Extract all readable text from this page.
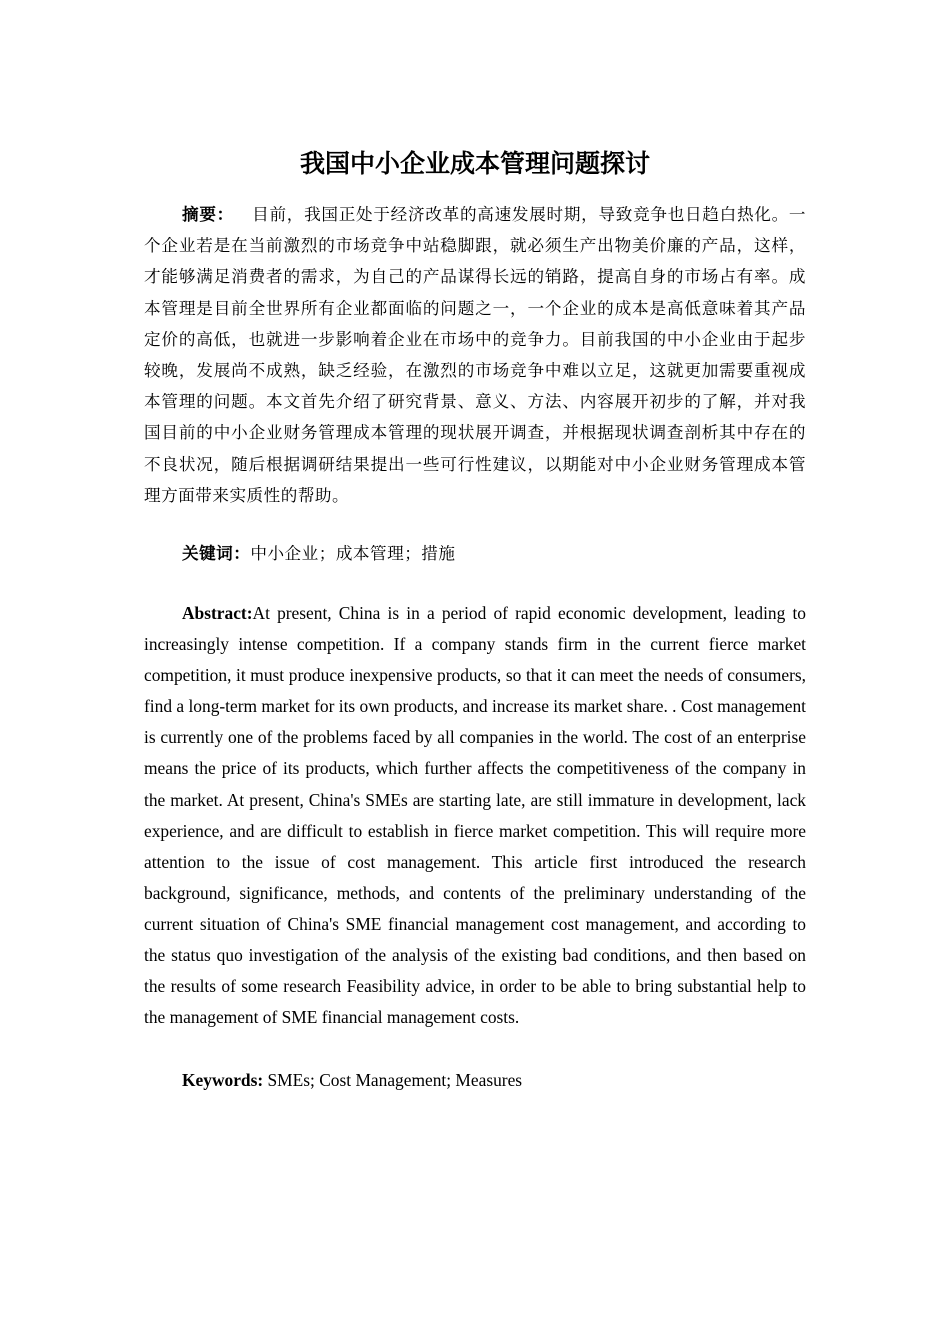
我国中小企业成本管理问题探讨

摘要： 目前，我国正处于经济改革的高速发展时期，导致竞争也日趋白热化。一个企业若是在当前激烈的市场竞争中站稳脚跟，就必须生产出物美价廉的产品，这样，才能够满足消费者的需求，为自己的产品谋得长远的销路，提高自身的市场占有率。成本管理是目前全世界所有企业都面临的问题之一，一个企业的成本是高低意味着其产品定价的高低，也就进一步影响着企业在市场中的竞争力。目前我国的中小企业由于起步较晚，发展尚不成熟，缺乏经验，在激烈的市场竞争中难以立足，这就更加需要重视成本管理的问题。本文首先介绍了研究背景、意义、方法、内容展开初步的了解，并对我国目前的中小企业财务管理成本管理的现状展开调查，并根据现状调查剖析其中存在的不良状况，随后根据调研结果提出一些可行性建议，以期能对中小企业财务管理成本管理方面带来实质性的帮助。

关键词：中小企业；成本管理；措施

Abstract:At present, China is in a period of rapid economic development, leading to increasingly intense competition. If a company stands firm in the current fierce market competition, it must produce inexpensive products, so that it can meet the needs of consumers, find a long-term market for its own products, and increase its market share. . Cost management is currently one of the problems faced by all companies in the world. The cost of an enterprise means the price of its products, which further affects the competitiveness of the company in the market. At present, China's SMEs are starting late, are still immature in development, lack experience, and are difficult to establish in fierce market competition. This will require more attention to the issue of cost management. This article first introduced the research background, significance, methods, and contents of the preliminary understanding of the current situation of China's SME financial management cost management, and according to the status quo investigation of the analysis of the existing bad conditions, and then based on the results of some research Feasibility advice, in order to be able to bring substantial help to the management of SME financial management costs.

Keywords: SMEs; Cost Management; Measures
